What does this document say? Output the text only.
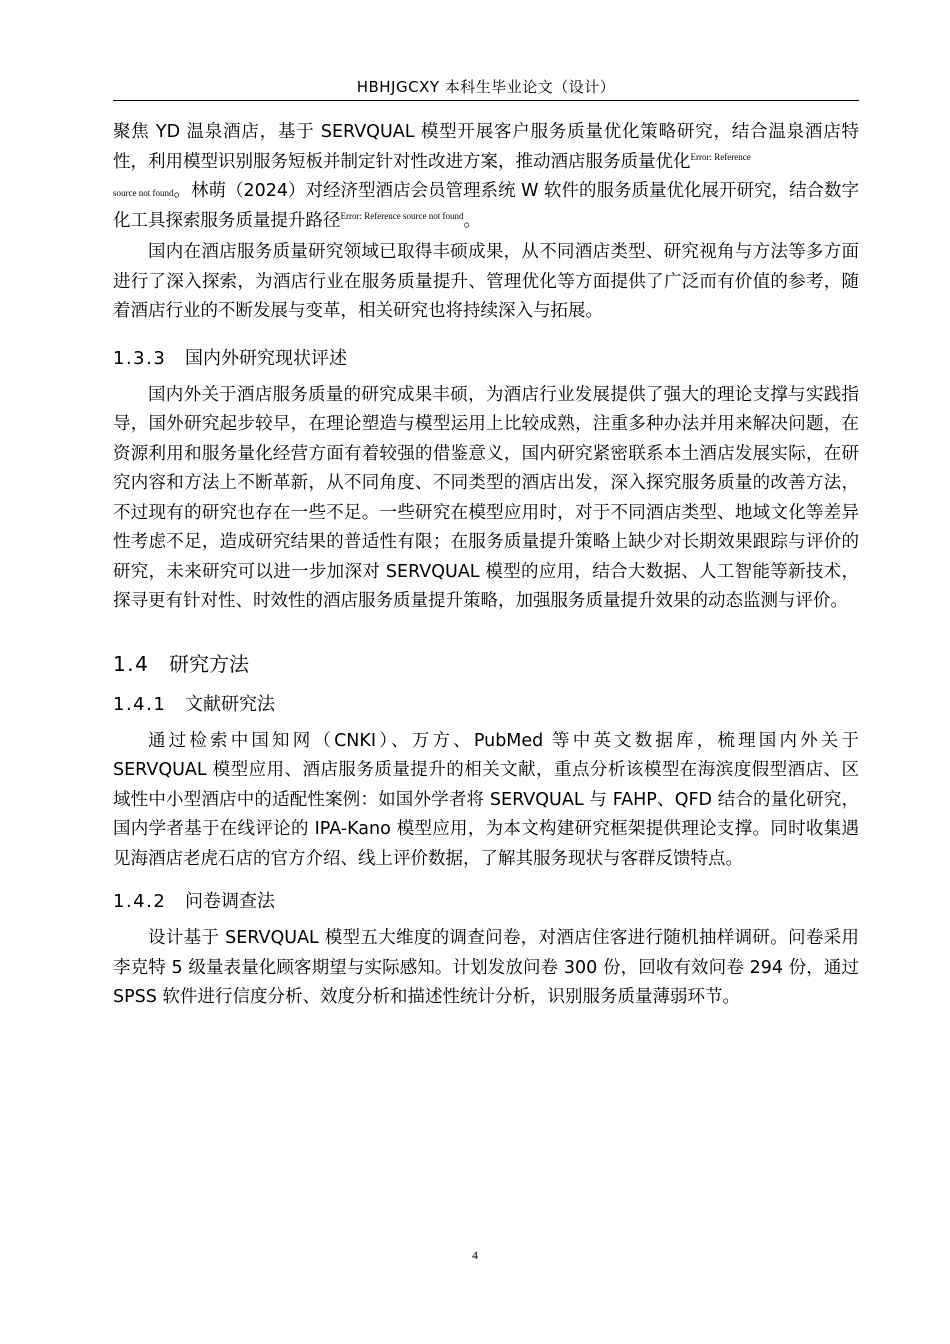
HBHJGCXY 本科生毕业论文（设计）

聚焦 YD 温泉酒店，基于 SERVQUAL 模型开展客户服务质量优化策略研究，结合温泉酒店特性，利用模型识别服务短板并制定针对性改进方案，推动酒店服务质量优化$^{Error: Reference}$
source not found。林萌（2024）对经济型酒店会员管理系统 W 软件的服务质量优化展开研究，结合数字化工具探索服务质量提升路径$^{Error: Reference source not found}$。

国内在酒店服务质量研究领域已取得丰硕成果，从不同酒店类型、研究视角与方法等多方面进行了深入探索，为酒店行业在服务质量提升、管理优化等方面提供了广泛而有价值的参考，随着酒店行业的不断发展与变革，相关研究也将持续深入与拓展。

1.3.3	国内外研究现状评述

国内外关于酒店服务质量的研究成果丰硕，为酒店行业发展提供了强大的理论支撑与实践指导，国外研究起步较早，在理论塑造与模型运用上比较成熟，注重多种办法并用来解决问题，在资源利用和服务量化经营方面有着较强的借鉴意义，国内研究紧密联系本土酒店发展实际，在研究内容和方法上不断革新，从不同角度、不同类型的酒店出发，深入探究服务质量的改善方法，不过现有的研究也存在一些不足。一些研究在模型应用时，对于不同酒店类型、地域文化等差异性考虑不足，造成研究结果的普适性有限；在服务质量提升策略上缺少对长期效果跟踪与评价的研究，未来研究可以进一步加深对 SERVQUAL 模型的应用，结合大数据、人工智能等新技术，探寻更有针对性、时效性的酒店服务质量提升策略，加强服务质量提升效果的动态监测与评价。

1.4 研究方法
1.4.1	文献研究法

通过检索中国知网（CNKI）、万方、PubMed 等中英文数据库，梳理国内外关于 SERVQUAL 模型应用、酒店服务质量提升的相关文献，重点分析该模型在海滨度假型酒店、区域性中小型酒店中的适配性案例：如国外学者将 SERVQUAL 与 FAHP、QFD 结合的量化研究，国内学者基于在线评论的 IPA-Kano 模型应用，为本文构建研究框架提供理论支撑。同时收集遇见海酒店老虎石店的官方介绍、线上评价数据，了解其服务现状与客群反馈特点。

1.4.2	问卷调查法

设计基于 SERVQUAL 模型五大维度的调查问卷，对酒店住客进行随机抽样调研。问卷采用李克特 5 级量表量化顾客期望与实际感知。计划发放问卷 300 份，回收有效问卷 294 份，通过 SPSS 软件进行信度分析、效度分析和描述性统计分析，识别服务质量薄弱环节。

4
